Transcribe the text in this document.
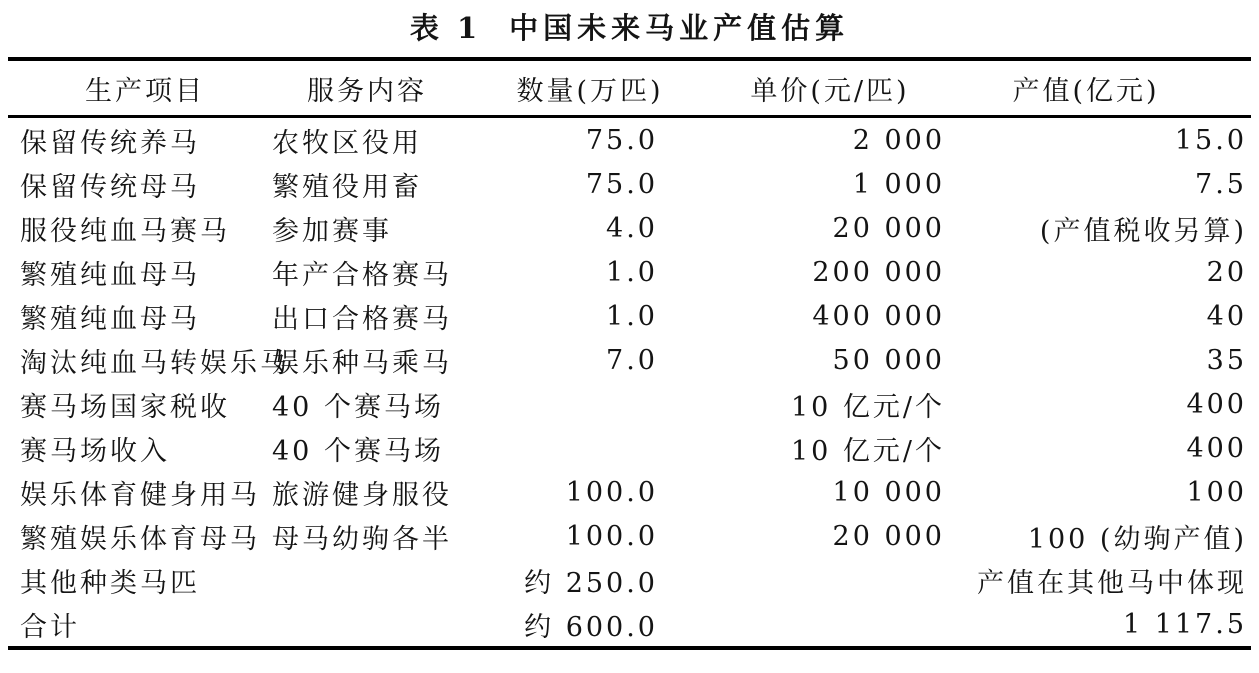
表 1 中国未来马业产值估算
生产项目	服务内容	数量(万匹)	单价(元/匹)	产值(亿元)
保留传统养马	农牧区役用	75.0	2 000	15.0
保留传统母马	繁殖役用畜	75.0	1 000	7.5
服役纯血马赛马	参加赛事	4.0	20 000	(产值税收另算)
繁殖纯血母马	年产合格赛马	1.0	200 000	20
繁殖纯血母马	出口合格赛马	1.0	400 000	40
淘汰纯血马转娱乐马	娱乐种马乘马	7.0	50 000	35
赛马场国家税收	40 个赛马场		10 亿元/个	400
赛马场收入	40 个赛马场		10 亿元/个	400
娱乐体育健身用马	旅游健身服役	100.0	10 000	100
繁殖娱乐体育母马	母马幼驹各半	100.0	20 000	100 (幼驹产值)
其他种类马匹		约 250.0		产值在其他马中体现
合计		约 600.0		1 117.5
